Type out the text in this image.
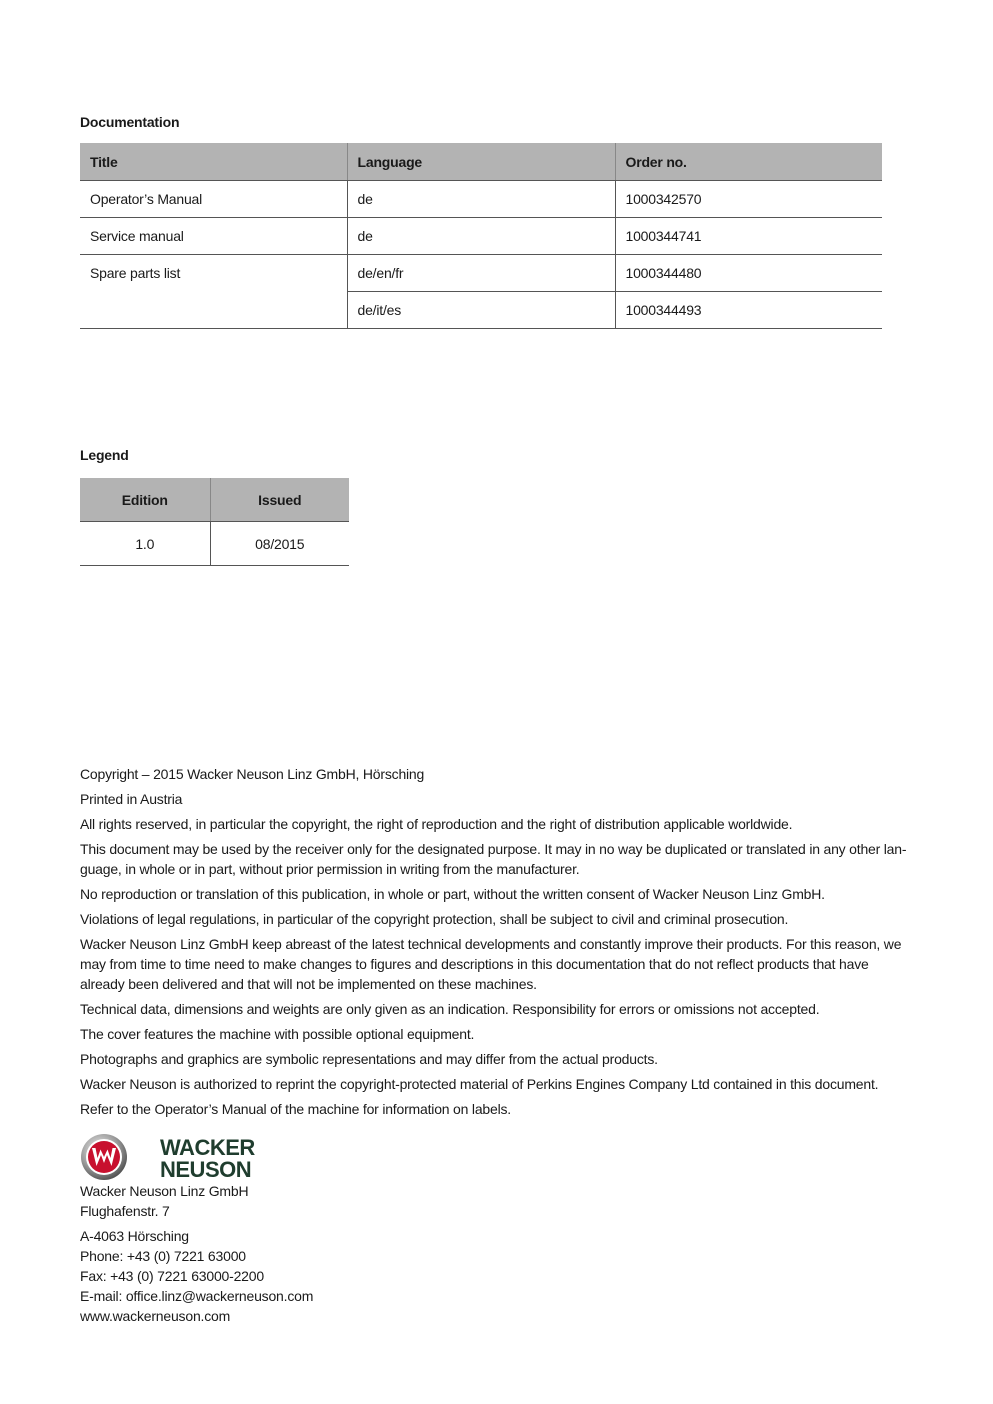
Documentation
Title	Language	Order no.
Operator’s Manual	de	1000342570
Service manual	de	1000344741
Spare parts list	de/en/fr	1000344480
	de/it/es	1000344493
Legend
Edition	Issued
1.0	08/2015

Copyright – 2015 Wacker Neuson Linz GmbH, Hörsching

Printed in Austria

All rights reserved, in particular the copyright, the right of reproduction and the right of distribution applicable worldwide.

This document may be used by the receiver only for the designated purpose. It may in no way be duplicated or translated in any other lan- guage, in whole or in part, without prior permission in writing from the manufacturer.

No reproduction or translation of this publication, in whole or part, without the written consent of Wacker Neuson Linz GmbH.

Violations of legal regulations, in particular of the copyright protection, shall be subject to civil and criminal prosecution.

Wacker Neuson Linz GmbH keep abreast of the latest technical developments and constantly improve their products. For this reason, we may from time to time need to make changes to figures and descriptions in this documentation that do not reflect products that have already been delivered and that will not be implemented on these machines.

Technical data, dimensions and weights are only given as an indication. Responsibility for errors or omissions not accepted.

The cover features the machine with possible optional equipment.

Photographs and graphics are symbolic representations and may differ from the actual products.

Wacker Neuson is authorized to reprint the copyright-protected material of Perkins Engines Company Ltd contained in this document.

Refer to the Operator’s Manual of the machine for information on labels.

WACKER
NEUSON

Wacker Neuson Linz GmbH
Flughafenstr. 7

A-4063 Hörsching
Phone: +43 (0) 7221 63000
Fax: +43 (0) 7221 63000-2200
E-mail: office.linz@wackerneuson.com
www.wackerneuson.com
